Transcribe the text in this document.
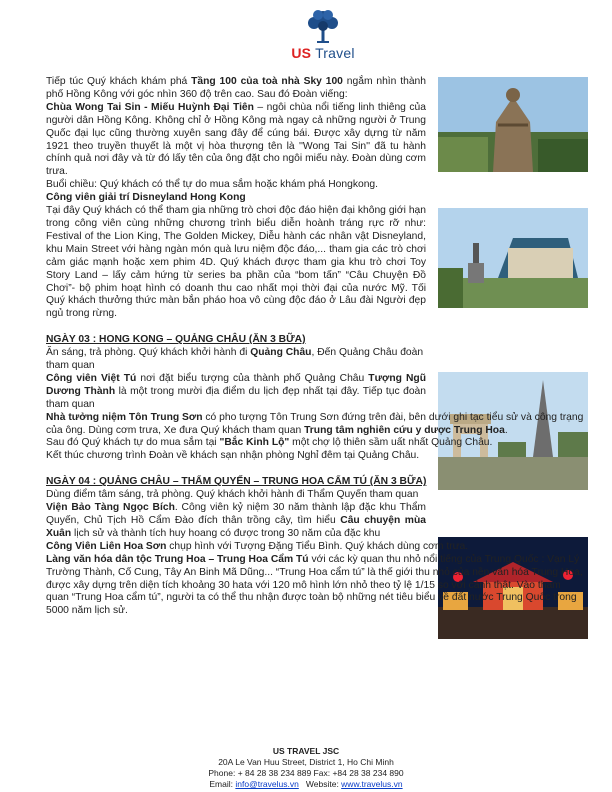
US Travel

Tiếp túc Quý khách khám phá Tầng 100 của toà nhà Sky 100 ngắm nhìn thành phố Hồng Kông với góc nhìn 360 độ trên cao. Sau đó Đoàn viếng:

Chùa Wong Tai Sin - Miếu Huỳnh Đại Tiên – ngôi chùa nổi tiếng linh thiêng của người dân Hồng Kông. Không chỉ ở Hồng Kông mà ngay cả những người ở Trung Quốc đại lục cũng thường xuyên sang đây để cúng bái. Được xây dựng từ năm 1921 theo truyền thuyết là một vị hòa thượng tên là ''Wong Tai Sin'' đã tu hành chính quả nơi đây và từ đó lấy tên của ông đặt cho ngôi miếu này. Đoàn dùng cơm trưa.

Buổi chiều: Quý khách có thể tự do mua sắm hoặc khám phá Hongkong.

Công viên giải trí Disneyland Hong Kong

Tại đây Quý khách có thể tham gia những trò chơi độc đáo hiện đại không giới hạn trong công viên cùng những chương trình biểu diễn hoành tráng rực rỡ như: Festival of the Lion King, The Golden Mickey, Diễu hành các nhân vật Disneyland, khu Main Street với hàng ngàn món quà lưu niệm độc đáo,... tham gia các trò chơi cảm giác mạnh hoặc xem phim 4D. Quý khách được tham gia khu trò chơi Toy Story Land – lấy cảm hứng từ series ba phần của “bom tấn” “Câu Chuyện Đồ Chơi”- bộ phim hoạt hình có doanh thu cao nhất mọi thời đại của nước Mỹ. Tối Quý khách thưởng thức màn bắn pháo hoa vô cùng độc đáo ở Lâu đài Người đẹp ngủ trong rừng.

NGÀY 03 : HONG KONG – QUẢNG CHÂU (ĂN 3 BỮA)

Ăn sáng, trả phòng. Quý khách khởi hành đi Quảng Châu, Đến Quảng Châu đoàn tham quan

Công viên Việt Tú nơi đặt biểu tượng của thành phố Quảng Châu Tượng Ngũ Dương Thành là một trong mười địa điểm du lịch đẹp nhất tại đây. Tiếp tục đoàn tham quan

Nhà tưởng niệm Tôn Trung Sơn có pho tượng Tôn Trung Sơn đứng trên đài, bên dưới ghi tạc tiểu sử và công trạng của ông. Dùng cơm trưa, Xe đưa Quý khách tham quan Trung tâm nghiên cứu y dược Trung Hoa.

Sau đó Quý khách tự do mua sắm tại "Bắc Kinh Lộ" một chợ lộ thiên sầm uất nhất Quảng Châu.

Kết thúc chương trình Đoàn về khách sạn nhận phòng Nghỉ đêm tại Quảng Châu.

NGÀY 04 : QUẢNG CHÂU – THẨM QUYẾN – TRUNG HOA CẨM TÚ (ĂN 3 BỮA)

Dùng điểm tâm sáng, trả phòng. Quý khách khởi hành đi Thẩm Quyến tham quan

Viện Bảo Tàng Ngọc Bích. Công viên kỷ niệm 30 năm thành lập đặc khu Thẩm Quyến, Chủ Tịch Hồ Cẩm Đào đích thân trồng cây, tìm hiểu Câu chuyện mùa Xuân lịch sử và thành tích huy hoang có được trong 30 năm của đặc khu

Công Viên Liên Hoa Sơn chụp hình với Tượng Đặng Tiểu Bình. Quý khách dùng cơm trưa.

Làng văn hóa dân tộc Trung Hoa – Trung Hoa Cẩm Tú với các kỳ quan thu nhỏ nổi tiếng của Trung Quốc : Vạn Lý Trường Thành, Cố Cung, Tây An Binh Mã Dũng... “Trung Hoa cẩm tú” là thế giới thu nhỏ của nền văn hóa Trung Hoa, được xây dựng trên diện tích khoảng 30 hata với 120 mô hình lớn nhỏ theo tỷ lệ 1/15 so với cảnh thật. Vào tham quan “Trung Hoa cẩm tú”, người ta có thể thu nhận được toàn bộ những nét tiêu biểu về đất nước Trung Quốc trong 5000 năm lịch sử.

US TRAVEL JSC
20A Le Van Huu Street, District 1, Ho Chi Minh
Phone: + 84 28 38 234 889 Fax: +84 28 38 234 890
Email: info@travelus.vn   Website: www.travelus.vn
